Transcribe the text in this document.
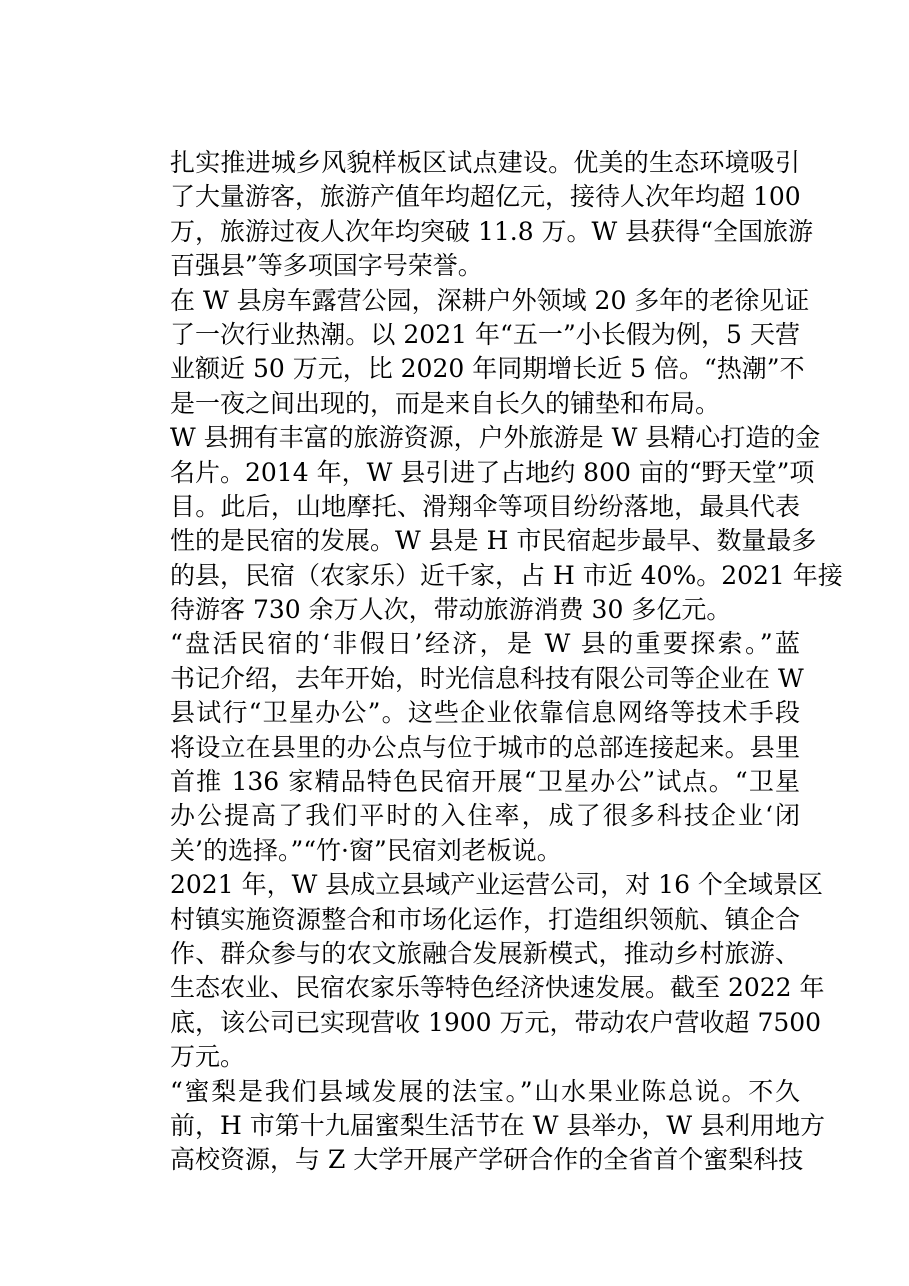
扎实推进城乡风貌样板区试点建设。优美的生态环境吸引
了大量游客，旅游产值年均超亿元，接待人次年均超 100
万，旅游过夜人次年均突破 11.8 万。W 县获得“全国旅游
百强县”等多项国字号荣誉。
在 W 县房车露营公园，深耕户外领域 20 多年的老徐见证
了一次行业热潮。以 2021 年“五一”小长假为例，5 天营
业额近 50 万元，比 2020 年同期增长近 5 倍。“热潮”不
是一夜之间出现的，而是来自长久的铺垫和布局。
W 县拥有丰富的旅游资源，户外旅游是 W 县精心打造的金
名片。2014 年，W 县引进了占地约 800 亩的“野天堂”项
目。此后，山地摩托、滑翔伞等项目纷纷落地，最具代表
性的是民宿的发展。W 县是 H 市民宿起步最早、数量最多
的县，民宿（农家乐）近千家，占 H 市近 40%。2021 年接
待游客 730 余万人次，带动旅游消费 30 多亿元。
“盘活民宿的‘非假日’经济，是 W 县的重要探索。”蓝
书记介绍，去年开始，时光信息科技有限公司等企业在 W
县试行“卫星办公”。这些企业依靠信息网络等技术手段
将设立在县里的办公点与位于城市的总部连接起来。县里
首推 136 家精品特色民宿开展“卫星办公”试点。“卫星
办公提高了我们平时的入住率，成了很多科技企业‘闭
关’的选择。”“竹·窗”民宿刘老板说。
2021 年，W 县成立县域产业运营公司，对 16 个全域景区
村镇实施资源整合和市场化运作，打造组织领航、镇企合
作、群众参与的农文旅融合发展新模式，推动乡村旅游、
生态农业、民宿农家乐等特色经济快速发展。截至 2022 年
底，该公司已实现营收 1900 万元，带动农户营收超 7500
万元。
“蜜梨是我们县域发展的法宝。”山水果业陈总说。不久
前，H 市第十九届蜜梨生活节在 W 县举办，W 县利用地方
高校资源，与 Z 大学开展产学研合作的全省首个蜜梨科技
